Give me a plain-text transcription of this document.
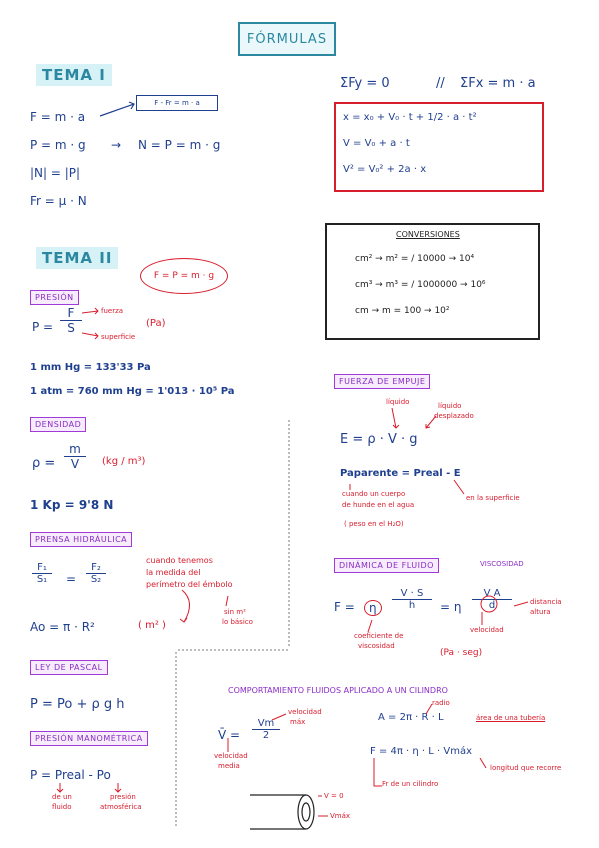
FÓRMULAS
TEMA I
F = m · a
F - Fr = m · a
P = m · g → N = P = m · g
|N| = |P|
Fr = μ · N
ΣFy = 0	// ΣFx = m · a
x = x₀ + V₀ · t + 1/2 · a · t²
V = V₀ + a · t
V² = V₀² + 2a · x
CONVERSIONES
cm² → m² = / 10000 → 10⁴
cm³ → m³ = / 1000000 → 10⁶
cm → m = 100 → 10²
TEMA II
F = P = m · g
PRESIÓN
$P = \frac{F}{S}$	fuerza
superficie
(Pa)
1 mm Hg = 133'33 Pa
1 atm = 760 mm Hg = 1'013 · 10⁵ Pa
DENSIDAD
$\rho = \frac{m}{V} (kg / m^3)$
1 Kp = 9'8 N
PRENSA HIDRÁULICA
$\frac{\text{F₁}}{\text{S₁}} = \frac{\text{F₂}}{\text{S₂}}$
cuando tenemos
la medida del
perímetro del émbolo
Ao = π · R²	( m² )
sin m²
lo básico
LEY DE PASCAL
P = Po + ρ g h
PRESIÓN MANOMÉTRICA
P = Preal - Po
de un
fluido
presión
atmosférica
FUERZA DE EMPUJE
líquido	líquido
desplazado
E = ρ · V · g
Paparente = Preal - E
cuando un cuerpo
de hunde en el agua
( peso en el H₂O)
en la superficie
DINÁMICA DE FLUIDO	VISCOSIDAD
F =	η	$\frac{V \cdot S}{h} = \eta \frac{\text{V A}}{d}$	distancia
altura
velocidad
coeficiente de
viscosidad
(Pa · seg)
COMPORTAMIENTO FLUIDOS APLICADO A UN CILINDRO
velocidad
máx
V̄ = $\frac{Vm}{2}$
velocidad
media
radio
A = 2π · R · L	área de una tubería
F = 4π · η · L · Vmáx
longitud que recorre
Fr de un cilindro
V = 0
Vmáx
